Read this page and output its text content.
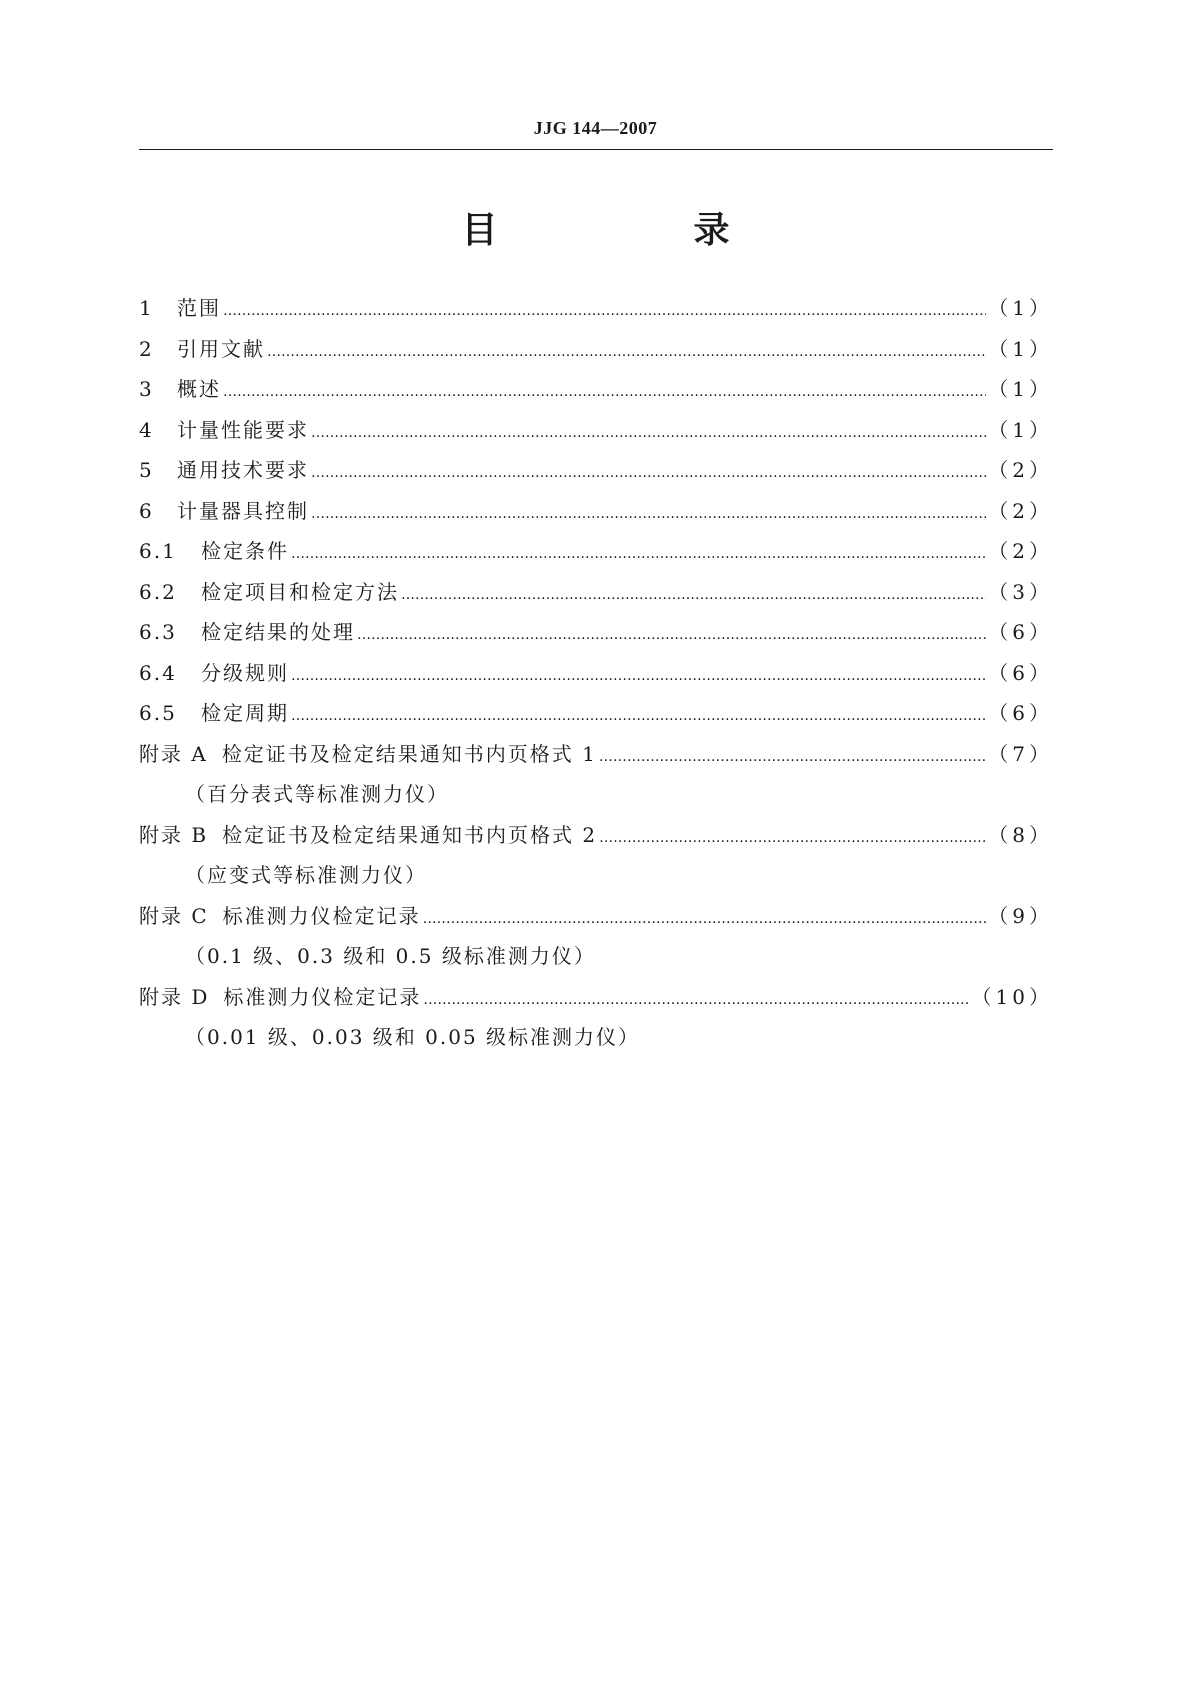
JJG 144—2007
目　录
1	范围 ………………………………………………………………………………………………………………………………………………………………………………………………………………………………	（1）
2	引用文献 ………………………………………………………………………………………………………………………………………………………………………………………………………………………………	（1）
3	概述 ………………………………………………………………………………………………………………………………………………………………………………………………………………………………	（1）
4	计量性能要求 ………………………………………………………………………………………………………………………………………………………………………………………………………………………………	（1）
5	通用技术要求 ………………………………………………………………………………………………………………………………………………………………………………………………………………………………	（2）
6	计量器具控制 ………………………………………………………………………………………………………………………………………………………………………………………………………………………………	（2）
6.1	检定条件 ………………………………………………………………………………………………………………………………………………………………………………………………………………………………	（2）
6.2	检定项目和检定方法 ………………………………………………………………………………………………………………………………………………………………………………………………………………………………	（3）
6.3	检定结果的处理 ………………………………………………………………………………………………………………………………………………………………………………………………………………………………	（6）
6.4	分级规则 ………………………………………………………………………………………………………………………………………………………………………………………………………………………………	（6）
6.5	检定周期 ………………………………………………………………………………………………………………………………………………………………………………………………………………………………	（6）
附录 A 检定证书及检定结果通知书内页格式 1 ………………………………………………………………………………………………………………………………………………………………………………………………………………………………	（7）
（百分表式等标准测力仪）
附录 B 检定证书及检定结果通知书内页格式 2 ………………………………………………………………………………………………………………………………………………………………………………………………………………………………	（8）
（应变式等标准测力仪）
附录 C 标准测力仪检定记录 ………………………………………………………………………………………………………………………………………………………………………………………………………………………………	（9）
（0.1 级、0.3 级和 0.5 级标准测力仪）
附录 D 标准测力仪检定记录 ………………………………………………………………………………………………………………………………………………………………………………………………………………………………	（10）
（0.01 级、0.03 级和 0.05 级标准测力仪）
